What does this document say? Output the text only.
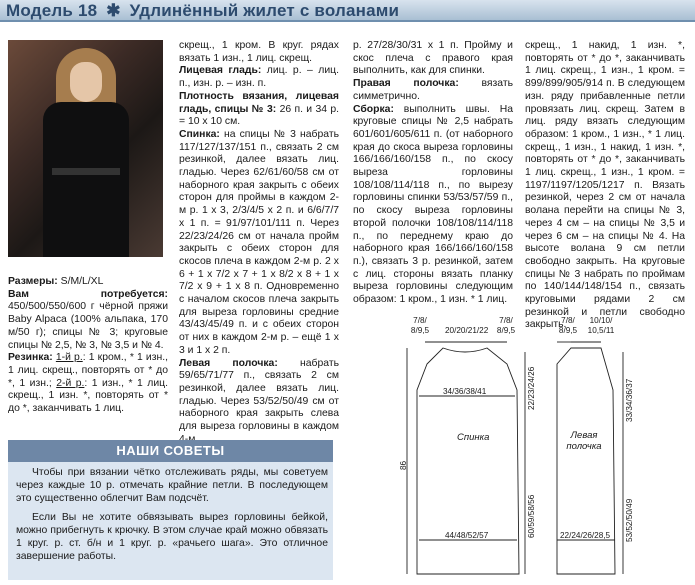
Модель 18 ✱ Удлинённый жилет с воланами

Размеры: S/M/L/XL

Вам потребуется: 450/500/550/600 г чёрной пряжи Baby Alpaca (100% альпака, 170 м/50 г); спицы № 3; круговые спицы № 2,5, № 3, № 3,5 и № 4.

Резинка: 1-й р.: 1 кром., * 1 изн., 1 лиц. скрещ., повторять от * до *, 1 изн.; 2-й р.: 1 изн., * 1 лиц. скрещ., 1 изн. *, повторять от * до *, заканчивать 1 лиц.

скрещ., 1 кром. В круг. рядах вязать 1 изн., 1 лиц. скрещ.

Лицевая гладь: лиц. р. – лиц. п., изн. р. – изн. п.

Плотность вязания, лицевая гладь, спицы № 3: 26 п. и 34 р. = 10 х 10 см.

Спинка: на спицы № 3 набрать 117/127/137/151 п., связать 2 см резинкой, далее вязать лиц. гладью. Через 62/61/60/58 см от наборного края закрыть с обеих сторон для проймы в каждом 2-м р. 1 х 3, 2/3/4/5 х 2 п. и 6/6/7/7 х 1 п. = 91/97/101/111 п. Через 22/23/24/26 см от начала пройм закрыть с обеих сторон для скосов плеча в каждом 2-м р. 2 х 6 + 1 х 7/2 х 7 + 1 х 8/2 х 8 + 1 х 7/2 х 9 + 1 х 8 п. Одновременно с началом скосов плеча закрыть для выреза горловины средние 43/43/45/49 п. и с обеих сторон от них в каждом 2-м р. – ещё 1 х 3 и 1 х 2 п.

Левая полочка: набрать 59/65/71/77 п., связать 2 см резинкой, далее вязать лиц. гладью. Через 53/52/50/49 см от наборного края закрыть слева для выреза горловины в каждом

р. 27/28/30/31 х 1 п. Пройму и скос плеча с правого края выполнить, как для спинки.

Правая полочка: вязать симметрично.

Сборка: выполнить швы. На круговые спицы № 2,5 набрать 601/601/605/611 п. (от наборного края до скоса выреза горловины 166/166/160/158 п., по скосу выреза горловины 108/108/114/118 п., по вырезу горловины спинки 53/53/57/59 п., по скосу выреза горловины второй полочки 108/108/114/118 п., по переднему краю до наборного края 166/166/160/158 п.), связать 3 р. резинкой, затем с лиц. стороны вязать планку выреза горловины следующим образом: 1 кром., 1 изн. * 1 лиц.

скрещ., 1 накид, 1 изн. *, повторять от * до *, заканчивать 1 лиц. скрещ., 1 изн., 1 кром. = 899/899/905/914 п. В следующем изн. ряду прибавленные петли провязать лиц. скрещ. Затем в лиц. ряду вязать следующим образом: 1 кром., 1 изн., * 1 лиц. скрещ., 1 изн., 1 накид, 1 изн. *, повторять от * до *, заканчивать 1 лиц. скрещ., 1 изн., 1 кром. = 1197/1197/1205/1217 п. Вязать резинкой, через 2 см от начала волана перейти на спицы № 3, через 4 см – на спицы № 3,5 и через 6 см – на спицы № 4. На высоте волана 9 см петли свободно закрыть. На круговые спицы № 3 набрать по проймам по 140/144/148/154 п., связать круговыми рядами 2 см резинкой и петли свободно закрыть.

НАШИ СОВЕТЫ

Чтобы при вязании чётко отслеживать ряды, мы советуем через каждые 10 р. отмечать крайние петли. В последующем это существенно облегчит Вам подсчёт.

Если Вы не хотите обвязывать вырез горловины бейкой, можно прибегнуть к крючку. В этом случае край можно обвязать 1 круг. р. ст. б/н и 1 круг. р. «рачьего шага». Это отличное завершение работы.

7/8/ 8/9,5	20/20/21/22
7/8/ 8/9,5
34/36/38/41
44/48/52/57
86
22/23/24/26
60/59/58/56
Спинка	Левая полочка
7/8/ 8/9,5
10/10/ 10,5/11
33/34/36/37
53/52/50/49
22/24/26/28,5
